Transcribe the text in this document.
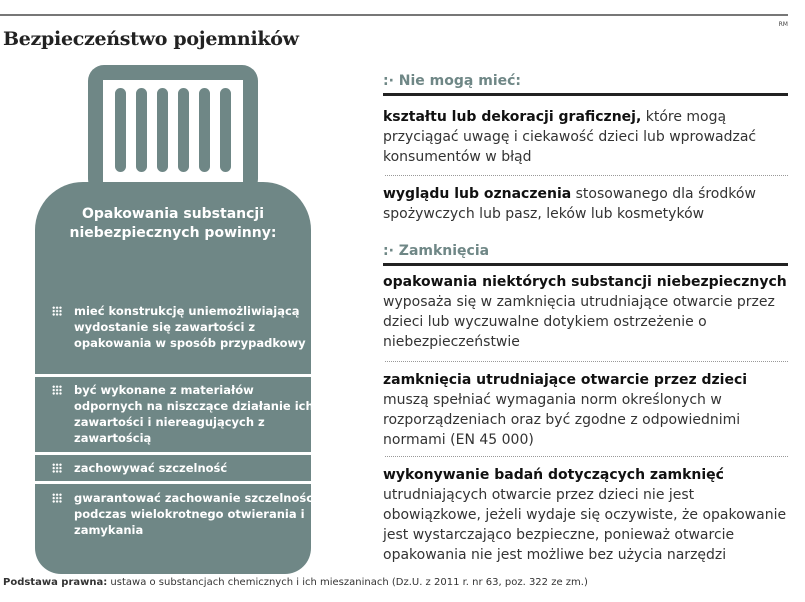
RM
Bezpieczeństwo pojemników
Opakowania substancji niebezpiecznych powinny:
mieć konstrukcję uniemożliwiającą wydostanie się zawartości z opakowania w sposób przypadkowy
być wykonane z materiałów odpornych na niszczące działanie ich zawartości i niereagujących z zawartością
zachowywać szczelność
gwarantować zachowanie szczelności podczas wielokrotnego otwierania i zamykania
:· Nie mogą mieć:
kształtu lub dekoracji graficznej, które mogą przyciągać uwagę i ciekawość dzieci lub wprowadzać konsumentów w błąd
wyglądu lub oznaczenia stosowanego dla środków spożywczych lub pasz, leków lub kosmetyków
:· Zamknięcia
opakowania niektórych substancji niebezpiecznych wyposaża się w zamknięcia utrudniające otwarcie przez dzieci lub wyczuwalne dotykiem ostrzeżenie o niebezpieczeństwie
zamknięcia utrudniające otwarcie przez dzieci muszą spełniać wymagania norm określonych w rozporządzeniach oraz być zgodne z odpowiednimi normami (EN 45 000)
wykonywanie badań dotyczących zamknięć utrudniających otwarcie przez dzieci nie jest obowiązkowe, jeżeli wydaje się oczywiste, że opakowanie jest wystarczająco bezpieczne, ponieważ otwarcie opakowania nie jest możliwe bez użycia narzędzi
Podstawa prawna: ustawa o substancjach chemicznych i ich mieszaninach (Dz.U. z 2011 r. nr 63, poz. 322 ze zm.)
